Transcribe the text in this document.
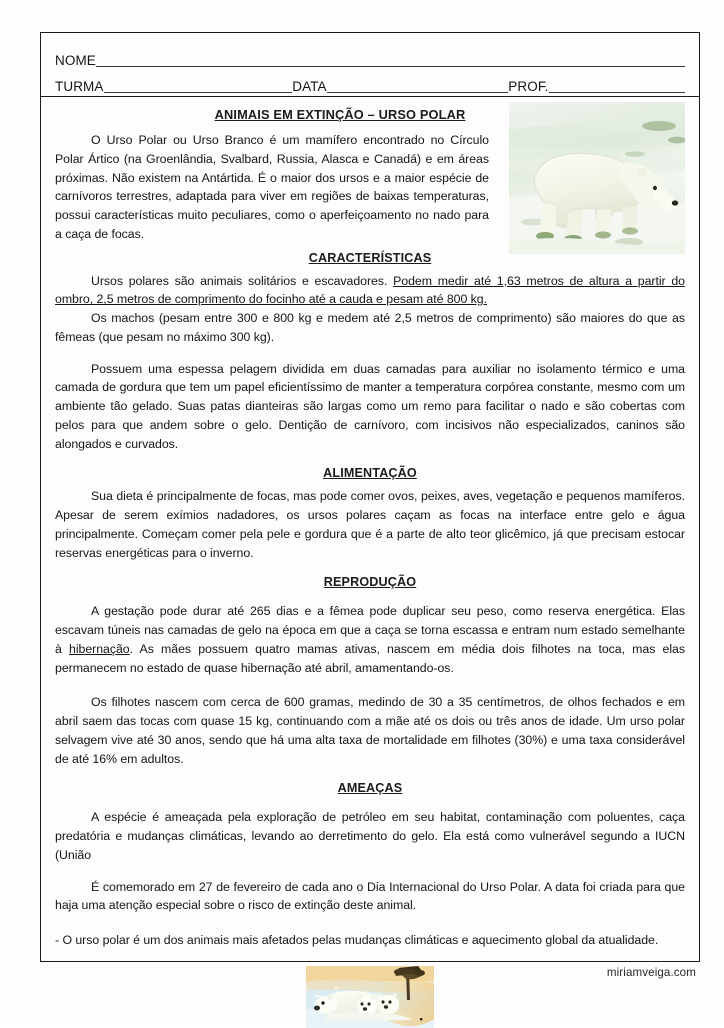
NOME
TURMA	DATA	PROF.
ANIMAIS EM EXTINÇÃO – URSO POLAR

O Urso Polar ou Urso Branco é um mamífero encontrado no Círculo Polar Ártico (na Groenlândia, Svalbard, Russia, Alasca e Canadá) e em áreas próximas. Não existem na Antártida. É o maior dos ursos e a maior espécie de carnívoros terrestres, adaptada para viver em regiões de baixas temperaturas, possui características muito peculiares, como o aperfeiçoamento no nado para a caça de focas.

CARACTERÍSTICAS

Ursos polares são animais solitários e escavadores. Podem medir até 1,63 metros de altura a partir do ombro, 2,5 metros de comprimento do focinho até a cauda e pesam até 800 kg.

Os machos (pesam entre 300 e 800 kg e medem até 2,5 metros de comprimento) são maiores do que as fêmeas (que pesam no máximo 300 kg).

Possuem uma espessa pelagem dividida em duas camadas para auxiliar no isolamento térmico e uma camada de gordura que tem um papel eficientíssimo de manter a temperatura corpórea constante, mesmo com um ambiente tão gelado. Suas patas dianteiras são largas como um remo para facilitar o nado e são cobertas com pelos para que andem sobre o gelo. Dentição de carnívoro, com incisivos não especializados, caninos são alongados e curvados.

ALIMENTAÇÃO

Sua dieta é principalmente de focas, mas pode comer ovos, peixes, aves, vegetação e pequenos mamíferos. Apesar de serem exímios nadadores, os ursos polares caçam as focas na interface entre gelo e água principalmente. Começam comer pela pele e gordura que é a parte de alto teor glicêmico, já que precisam estocar reservas energéticas para o inverno.

REPRODUÇÃO

A gestação pode durar até 265 dias e a fêmea pode duplicar seu peso, como reserva energética. Elas escavam túneis nas camadas de gelo na época em que a caça se torna escassa e entram num estado semelhante à hibernação. As mães possuem quatro mamas ativas, nascem em média dois filhotes na toca, mas elas permanecem no estado de quase hibernação até abril, amamentando-os.

Os filhotes nascem com cerca de 600 gramas, medindo de 30 a 35 centímetros, de olhos fechados e em abril saem das tocas com quase 15 kg, continuando com a mãe até os dois ou três anos de idade. Um urso polar selvagem vive até 30 anos, sendo que há uma alta taxa de mortalidade em filhotes (30%) e uma taxa considerável de até 16% em adultos.

AMEAÇAS

A espécie é ameaçada pela exploração de petróleo em seu habitat, contaminação com poluentes, caça predatória e mudanças climáticas, levando ao derretimento do gelo. Ela está como vulnerável segundo a IUCN (União

É comemorado em 27 de fevereiro de cada ano o Dia Internacional do Urso Polar. A data foi criada para que haja uma atenção especial sobre o risco de extinção deste animal.

- O urso polar é um dos animais mais afetados pelas mudanças climáticas e aquecimento global da atualidade.

miriamveiga.com
